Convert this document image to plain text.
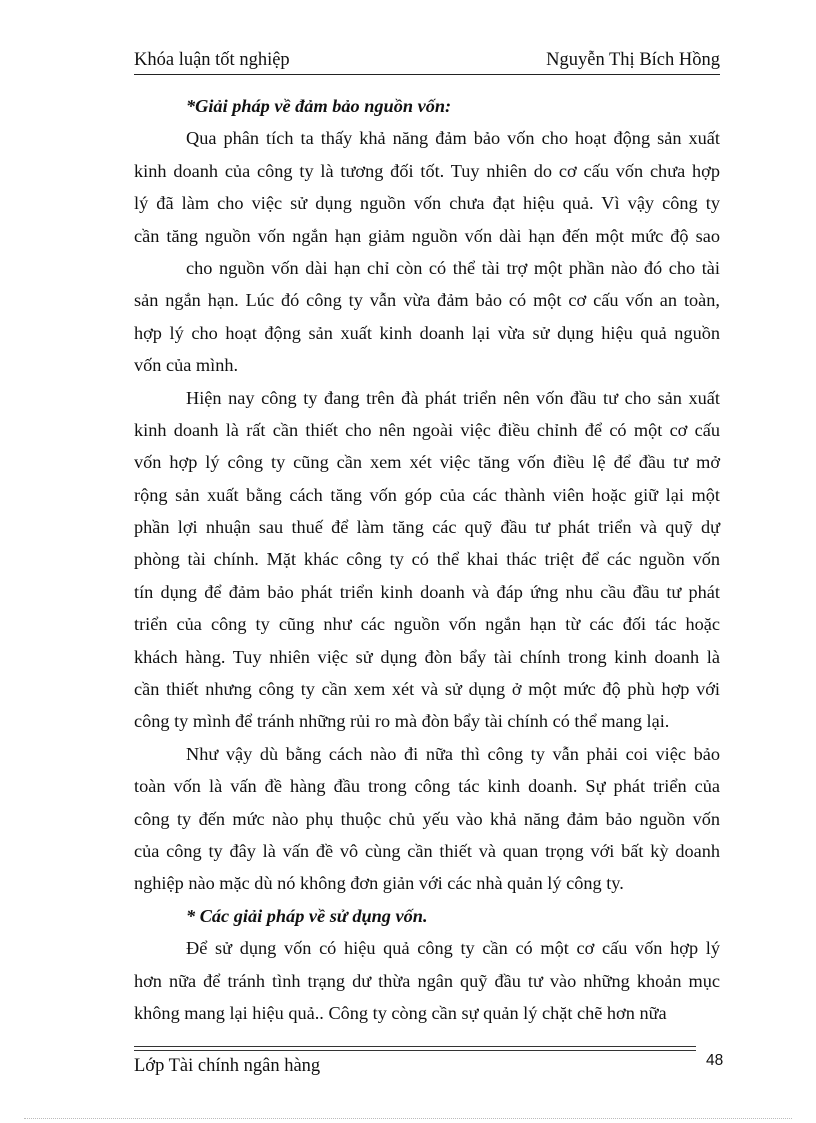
Khóa luận tốt nghiệp	Nguyễn Thị Bích Hồng
*Giải pháp về đảm bảo nguồn vốn:
Qua phân tích ta thấy khả năng đảm bảo vốn cho hoạt động sản xuất
kinh doanh của công ty là tương đối tốt. Tuy nhiên do cơ cấu vốn chưa hợp
lý đã làm cho việc sử dụng nguồn vốn chưa đạt hiệu quả. Vì vậy công ty
cần tăng nguồn vốn ngắn hạn giảm nguồn vốn dài hạn đến một mức độ sao
cho nguồn vốn dài hạn chỉ còn có thể tài trợ một phần nào đó cho tài
sản ngắn hạn. Lúc đó công ty vẫn vừa đảm bảo có một cơ cấu vốn an toàn,
hợp lý cho hoạt động sản xuất kinh doanh lại vừa sử dụng hiệu quả nguồn
vốn của mình.
Hiện nay công ty đang trên đà phát triển nên vốn đầu tư cho sản xuất
kinh doanh là rất cần thiết cho nên ngoài việc điều chỉnh để có một cơ cấu
vốn hợp lý công ty cũng cần xem xét việc tăng vốn điều lệ để đầu tư mở
rộng sản xuất bằng cách tăng vốn góp của các thành viên hoặc giữ lại một
phần lợi nhuận sau thuế để làm tăng các quỹ đầu tư phát triển và quỹ dự
phòng tài chính. Mặt khác công ty có thể khai thác triệt để các nguồn vốn
tín dụng để đảm bảo phát triển kinh doanh và đáp ứng nhu cầu đầu tư phát
triển của công ty cũng như các nguồn vốn ngắn hạn từ các đối tác hoặc
khách hàng. Tuy nhiên việc sử dụng đòn bẩy tài chính trong kinh doanh là
cần thiết nhưng công ty cần xem xét và sử dụng ở một mức độ phù hợp với
công ty mình để tránh những rủi ro mà đòn bẩy tài chính có thể mang lại.
Như vậy dù bằng cách nào đi nữa thì công ty vẫn phải coi việc bảo
toàn vốn là vấn đề hàng đầu trong công tác kinh doanh. Sự phát triển của
công ty đến mức nào phụ thuộc chủ yếu vào khả năng đảm bảo nguồn vốn
của công ty đây là vấn đề vô cùng cần thiết và quan trọng với bất kỳ doanh
nghiệp nào mặc dù nó không đơn giản với các nhà quản lý công ty.
* Các giải pháp về sử dụng vốn.
Để sử dụng vốn có hiệu quả công ty cần có một cơ cấu vốn hợp lý
hơn nữa để tránh tình trạng dư thừa ngân quỹ đầu tư vào những khoản mục
không mang lại hiệu quả.. Công ty còng cần sự quản lý chặt chẽ hơn nữa
Lớp Tài chính ngân hàng	48
